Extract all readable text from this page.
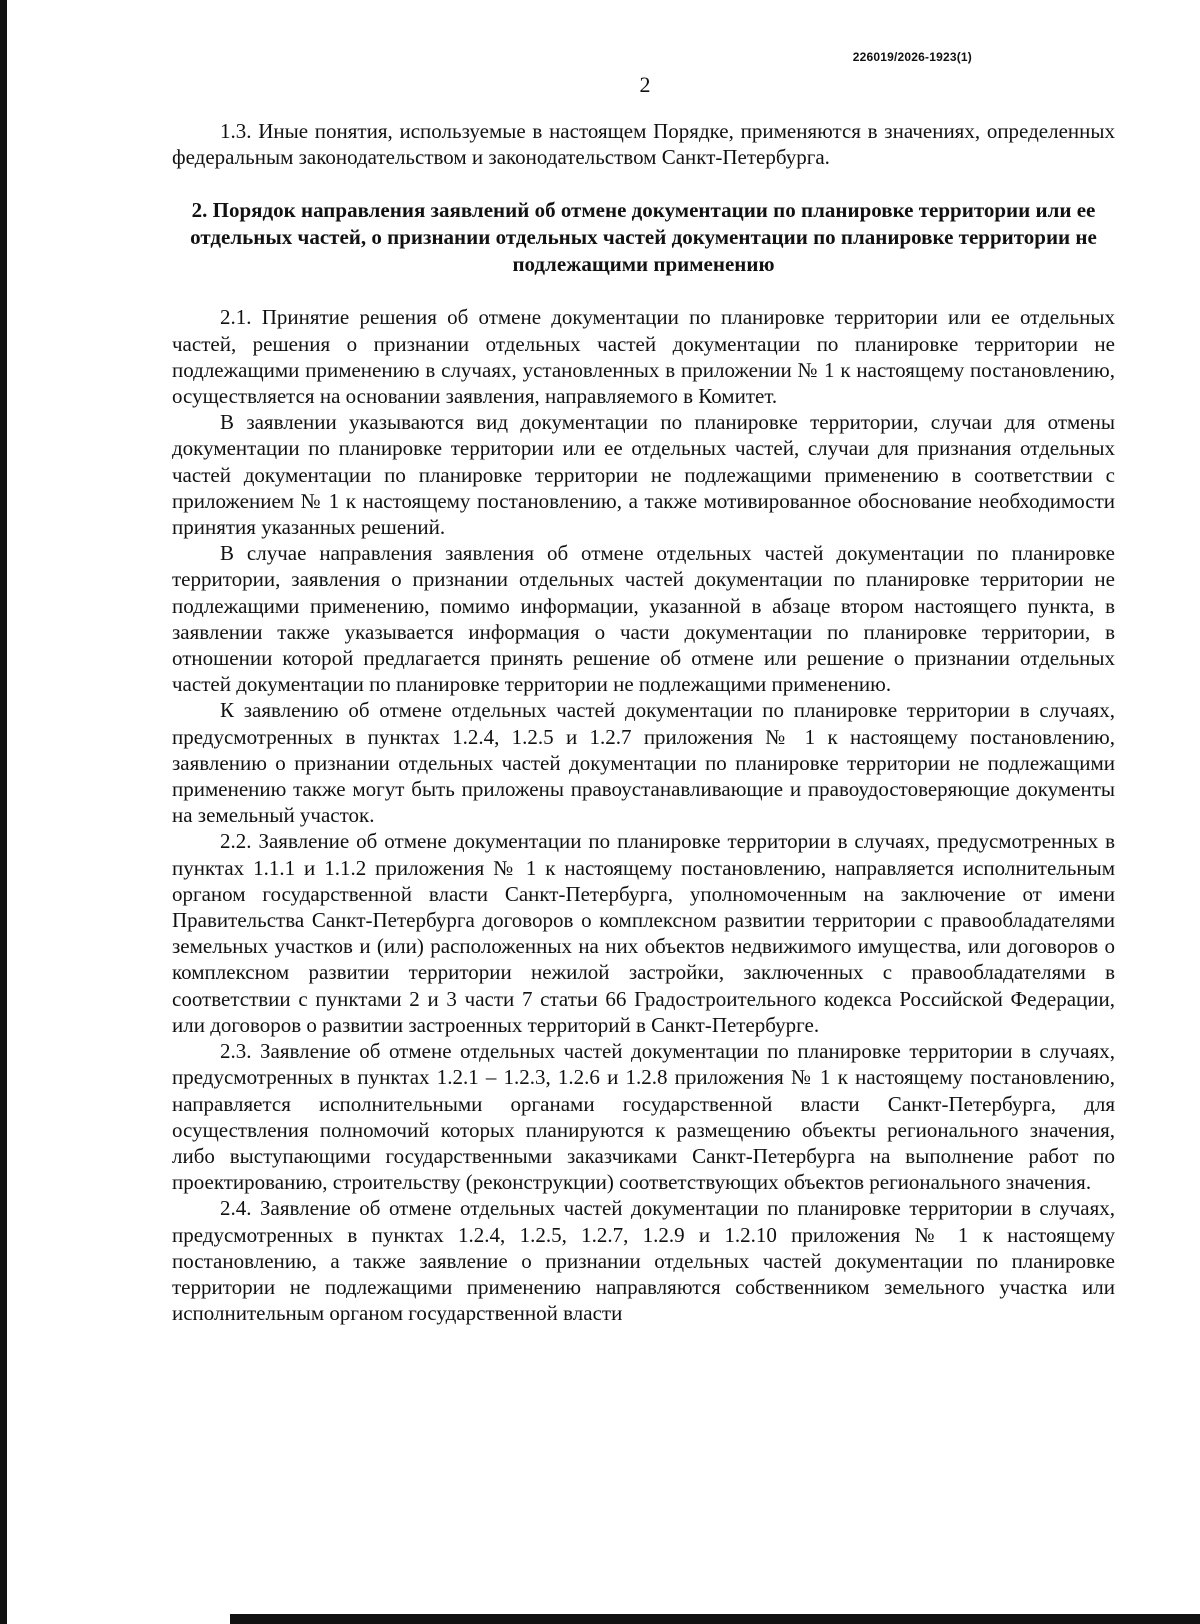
226019/2026-1923(1)
2

1.3. Иные понятия, используемые в настоящем Порядке, применяются в значениях, определенных федеральным законодательством и законодательством Санкт-Петербурга.

2. Порядок направления заявлений об отмене документации по планировке территории или ее отдельных частей, о признании отдельных частей документации по планировке территории не подлежащими применению

2.1. Принятие решения об отмене документации по планировке территории или ее отдельных частей, решения о признании отдельных частей документации по планировке территории не подлежащими применению в случаях, установленных в приложении № 1 к настоящему постановлению, осуществляется на основании заявления, направляемого в Комитет.

В заявлении указываются вид документации по планировке территории, случаи для отмены документации по планировке территории или ее отдельных частей, случаи для признания отдельных частей документации по планировке территории не подлежащими применению в соответствии с приложением № 1 к настоящему постановлению, а также мотивированное обоснование необходимости принятия указанных решений.

В случае направления заявления об отмене отдельных частей документации по планировке территории, заявления о признании отдельных частей документации по планировке территории не подлежащими применению, помимо информации, указанной в абзаце втором настоящего пункта, в заявлении также указывается информация о части документации по планировке территории, в отношении которой предлагается принять решение об отмене или решение о признании отдельных частей документации по планировке территории не подлежащими применению.

К заявлению об отмене отдельных частей документации по планировке территории в случаях, предусмотренных в пунктах 1.2.4, 1.2.5 и 1.2.7 приложения № 1 к настоящему постановлению, заявлению о признании отдельных частей документации по планировке территории не подлежащими применению также могут быть приложены правоустанавливающие и правоудостоверяющие документы на земельный участок.

2.2. Заявление об отмене документации по планировке территории в случаях, предусмотренных в пунктах 1.1.1 и 1.1.2 приложения № 1 к настоящему постановлению, направляется исполнительным органом государственной власти Санкт-Петербурга, уполномоченным на заключение от имени Правительства Санкт-Петербурга договоров о комплексном развитии территории с правообладателями земельных участков и (или) расположенных на них объектов недвижимого имущества, или договоров о комплексном развитии территории нежилой застройки, заключенных с правообладателями в соответствии с пунктами 2 и 3 части 7 статьи 66 Градостроительного кодекса Российской Федерации, или договоров о развитии застроенных территорий в Санкт-Петербурге.

2.3. Заявление об отмене отдельных частей документации по планировке территории в случаях, предусмотренных в пунктах 1.2.1 – 1.2.3, 1.2.6 и 1.2.8 приложения № 1 к настоящему постановлению, направляется исполнительными органами государственной власти Санкт-Петербурга, для осуществления полномочий которых планируются к размещению объекты регионального значения, либо выступающими государственными заказчиками Санкт-Петербурга на выполнение работ по проектированию, строительству (реконструкции) соответствующих объектов регионального значения.

2.4. Заявление об отмене отдельных частей документации по планировке территории в случаях, предусмотренных в пунктах 1.2.4, 1.2.5, 1.2.7, 1.2.9 и 1.2.10 приложения № 1 к настоящему постановлению, а также заявление о признании отдельных частей документации по планировке территории не подлежащими применению направляются собственником земельного участка или исполнительным органом государственной власти
